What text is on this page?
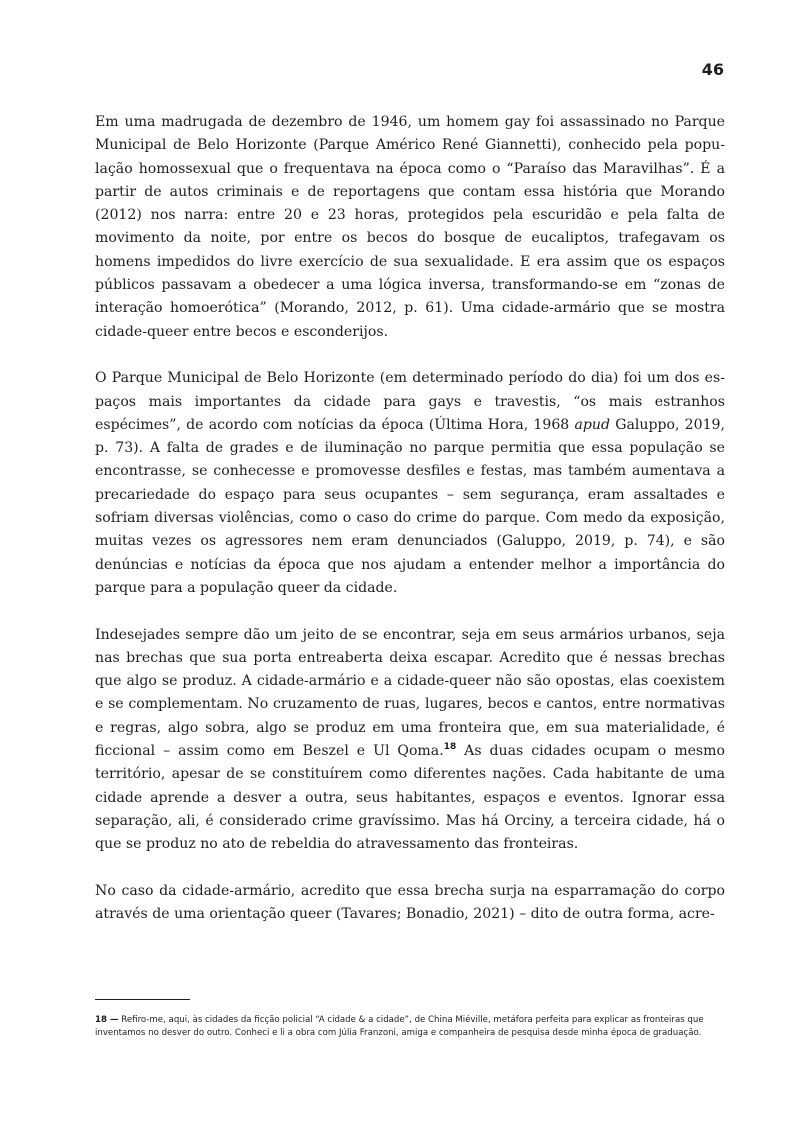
46

Em uma madrugada de dezembro de 1946, um homem gay foi assassinado no Parque Municipal de Belo Horizonte (Parque Américo René Giannetti), conhecido pela população homossexual que o frequentava na época como o “Paraíso das Maravilhas”. É a partir de autos criminais e de reportagens que contam essa história que Morando (2012) nos narra: entre 20 e 23 horas, protegidos pela escuridão e pela falta de movimento da noite, por entre os becos do bosque de eucaliptos, trafegavam os homens impedidos do livre exercício de sua sexualidade. E era assim que os espaços públicos passavam a obedecer a uma lógica inversa, transformando-se em “zonas de interação homoerótica” (Morando, 2012, p. 61). Uma cidade-armário que se mostra cidade-queer entre becos e esconderijos.

O Parque Municipal de Belo Horizonte (em determinado período do dia) foi um dos espaços mais importantes da cidade para gays e travestis, “os mais estranhos espécimes”, de acordo com notícias da época (Última Hora, 1968 apud Galuppo, 2019, p. 73). A falta de grades e de iluminação no parque permitia que essa população se encontrasse, se conhecesse e promovesse desfiles e festas, mas também aumentava a precariedade do espaço para seus ocupantes – sem segurança, eram assaltades e sofriam diversas violências, como o caso do crime do parque. Com medo da exposição, muitas vezes os agressores nem eram denunciados (Galuppo, 2019, p. 74), e são denúncias e notícias da época que nos ajudam a entender melhor a importância do parque para a população queer da cidade.

Indesejades sempre dão um jeito de se encontrar, seja em seus armários urbanos, seja nas brechas que sua porta entreaberta deixa escapar. Acredito que é nessas brechas que algo se produz. A cidade-armário e a cidade-queer não são opostas, elas coexistem e se complementam. No cruzamento de ruas, lugares, becos e cantos, entre normativas e regras, algo sobra, algo se produz em uma fronteira que, em sua materialidade, é ficcional – assim como em Beszel e Ul Qoma.$^{18}$ As duas cidades ocupam o mesmo território, apesar de se constituírem como diferentes nações. Cada habitante de uma cidade aprende a desver a outra, seus habitantes, espaços e eventos. Ignorar essa separação, ali, é considerado crime gravíssimo. Mas há Orciny, a terceira cidade, há o que se produz no ato de rebeldia do atravessamento das fronteiras.

No caso da cidade-armário, acredito que essa brecha surja na esparramação do corpo através de uma orientação queer (Tavares; Bonadio, 2021) – dito de outra forma, acre-

18 — Refiro-me, aqui, às cidades da ficção policial “A cidade & a cidade”, de China Miéville, metáfora perfeita para explicar as fronteiras que inventamos no desver do outro. Conheci e li a obra com Júlia Franzoni, amiga e companheira de pesquisa desde minha época de graduação.
